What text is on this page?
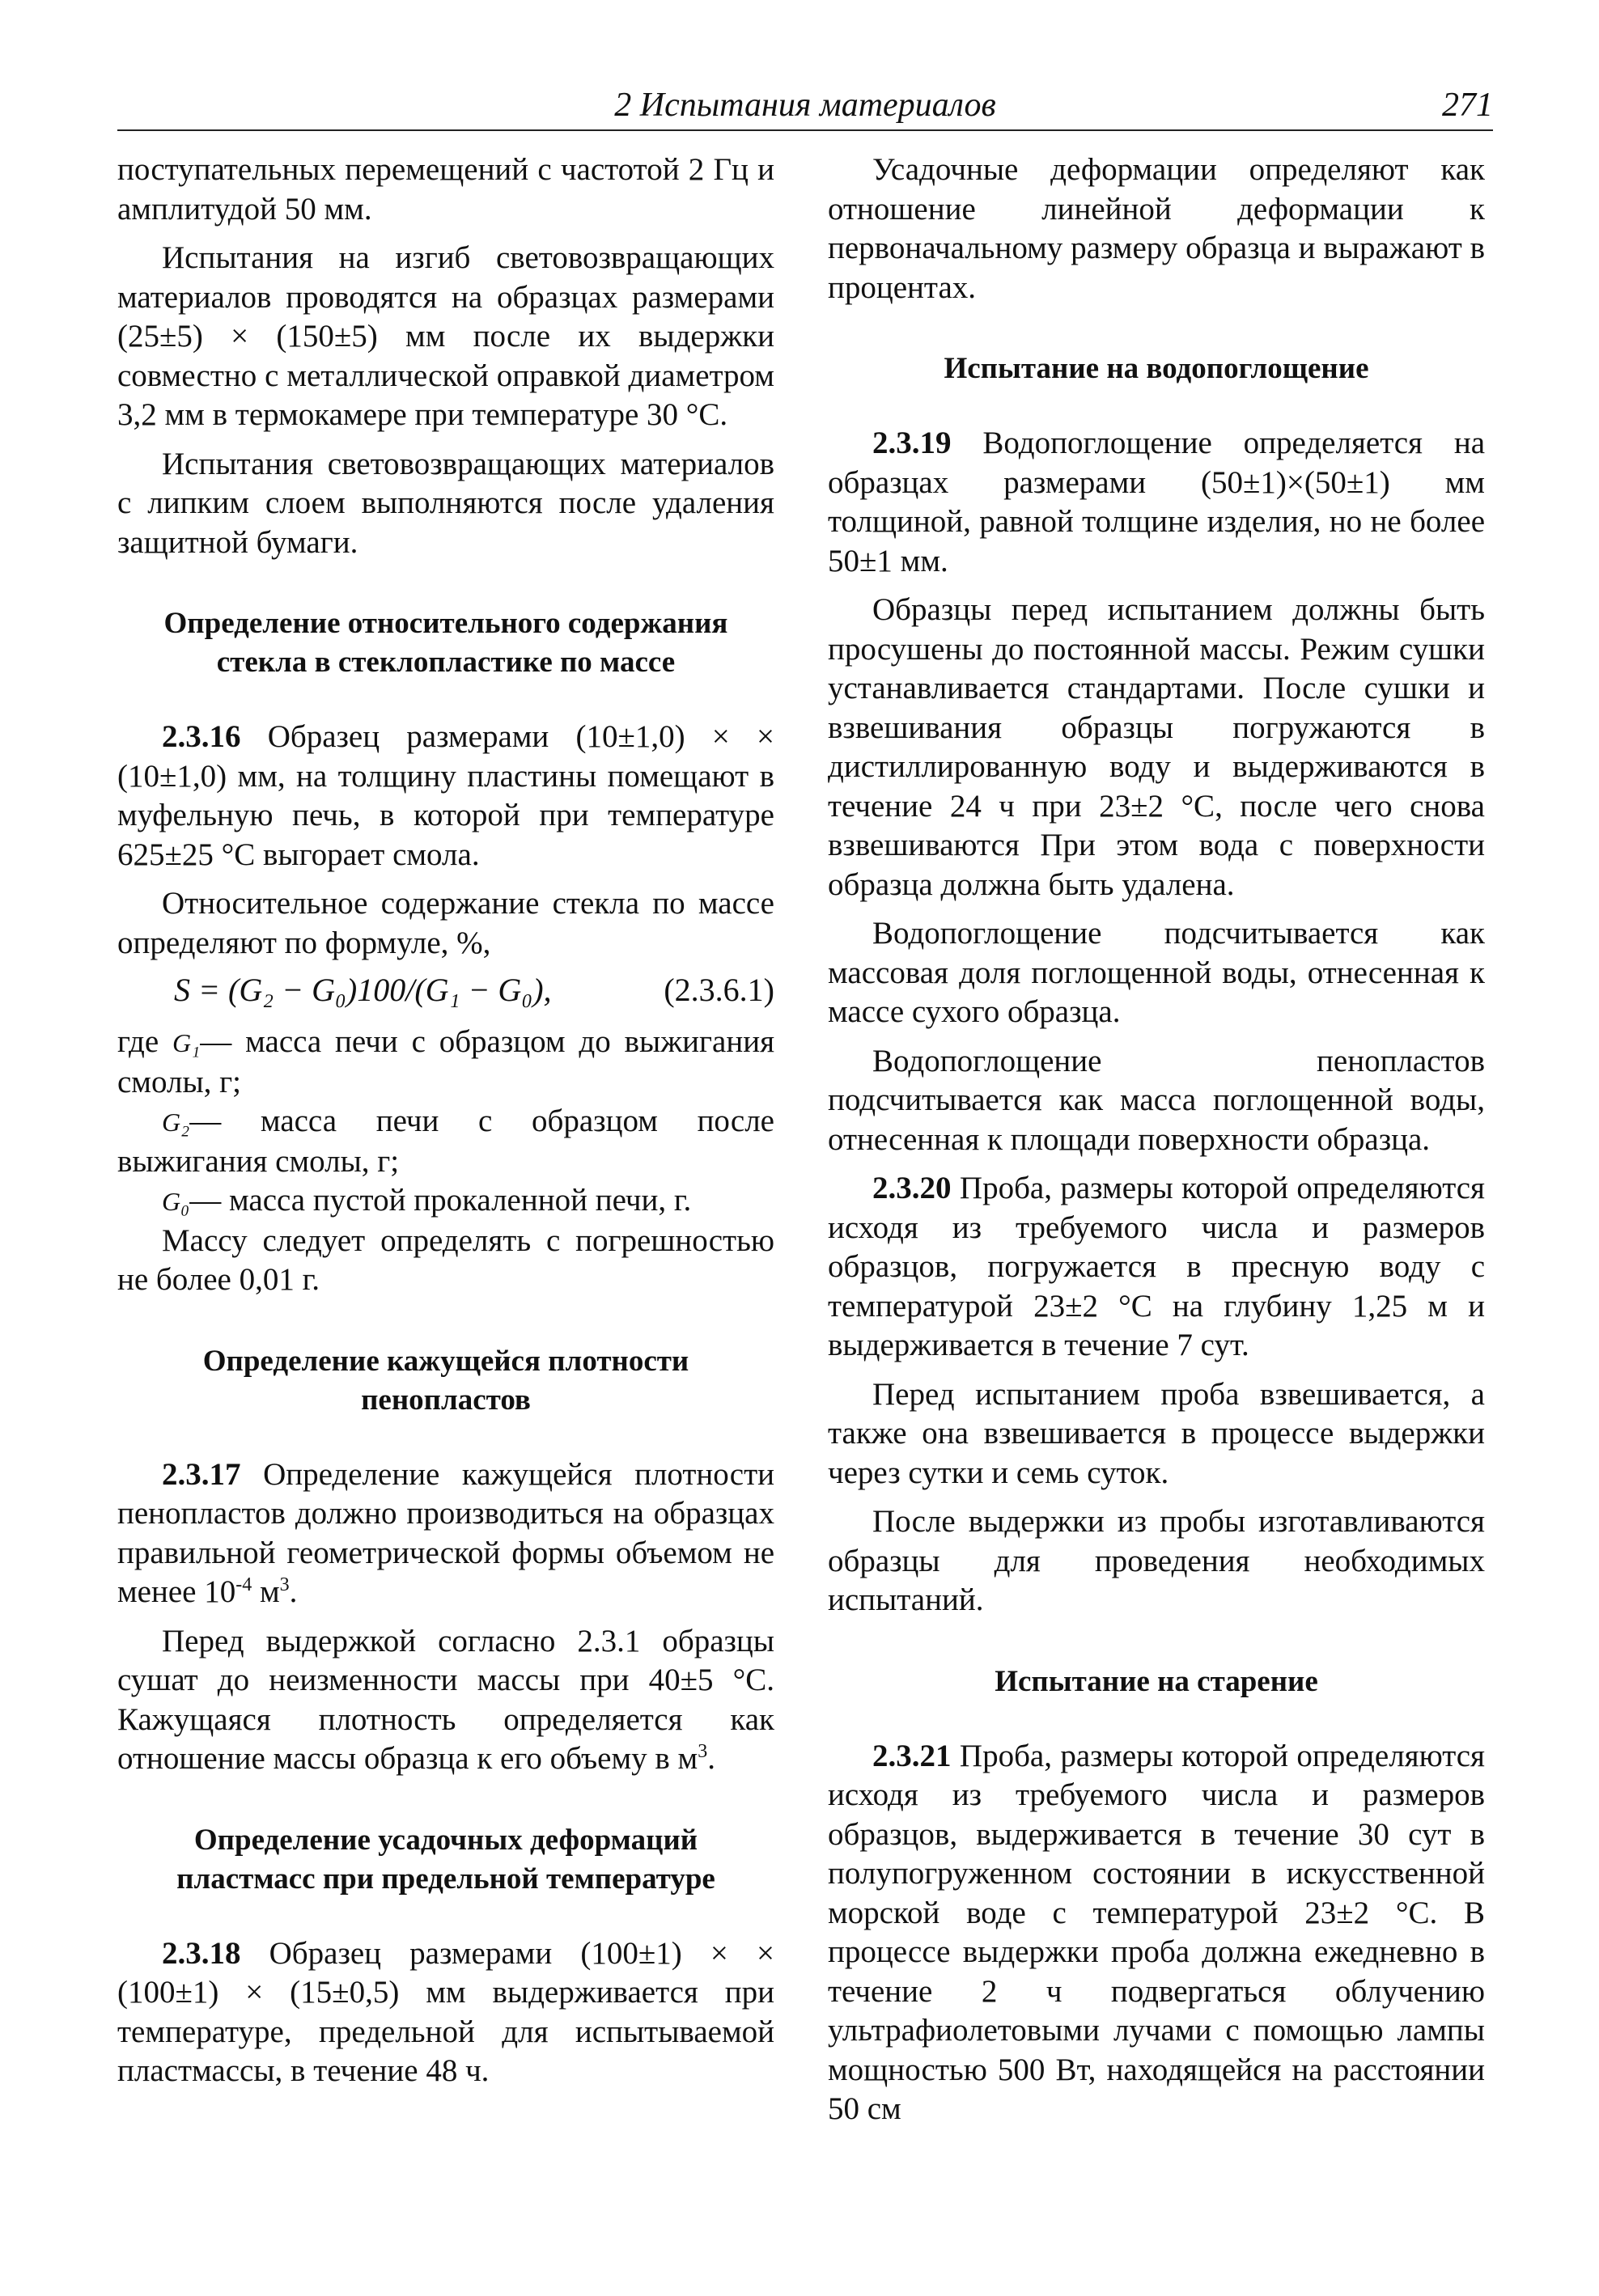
2 Испытания материалов	271

поступательных перемещений с частотой 2 Гц и амплитудой 50 мм.

Испытания на изгиб световозвращающих материалов проводятся на образцах размерами (25±5) × (150±5) мм после их выдержки совместно с металлической оправкой диаметром 3,2 мм в термокамере при температуре 30 °С.

Испытания световозвращающих материалов с липким слоем выполняются после удаления защитной бумаги.

Определение относительного содержания
стекла в стеклопластике по массе

2.3.16 Образец размерами (10±1,0) × × (10±1,0) мм, на толщину пластины помещают в муфельную печь, в которой при температуре 625±25 °С выгорает смола.

Относительное содержание стекла по массе определяют по формуле, %,

S = (G₂ − G₀)100/(G₁ − G₀),	(2.3.6.1)

где G₁— масса печи с образцом до выжигания смолы, г;

G₂— масса печи с образцом после выжигания смолы, г;

G₀— масса пустой прокаленной печи, г.

Массу следует определять с погрешностью не более 0,01 г.

Определение кажущейся плотности
пенопластов

2.3.17 Определение кажущейся плотности пенопластов должно производиться на образцах правильной геометрической формы объемом не менее $10^{-4}$ $м^3$.

Перед выдержкой согласно 2.3.1 образцы сушат до неизменности массы при 40±5 °С. Кажущаяся плотность определяется как отношение массы образца к его объему в $м^3$.

Определение усадочных деформаций
пластмасс при предельной температуре

2.3.18 Образец размерами (100±1) × × (100±1) × (15±0,5) мм выдерживается при температуре, предельной для испытываемой пластмассы, в течение 48 ч.

Усадочные деформации определяют как отношение линейной деформации к первоначальному размеру образца и выражают в процентах.

Испытание на водопоглощение

2.3.19 Водопоглощение определяется на образцах размерами (50±1)×(50±1) мм толщиной, равной толщине изделия, но не более 50±1 мм.

Образцы перед испытанием должны быть просушены до постоянной массы. Режим сушки устанавливается стандартами. После сушки и взвешивания образцы погружаются в дистиллированную воду и выдерживаются в течение 24 ч при 23±2 °С, после чего снова взвешиваются При этом вода с поверхности образца должна быть удалена.

Водопоглощение подсчитывается как массовая доля поглощенной воды, отнесенная к массе сухого образца.

Водопоглощение пенопластов подсчитывается как масса поглощенной воды, отнесенная к площади поверхности образца.

2.3.20 Проба, размеры которой определяются исходя из требуемого числа и размеров образцов, погружается в пресную воду с температурой 23±2 °С на глубину 1,25 м и выдерживается в течение 7 сут.

Перед испытанием проба взвешивается, а также она взвешивается в процессе выдержки через сутки и семь суток.

После выдержки из пробы изготавливаются образцы для проведения необходимых испытаний.

Испытание на старение

2.3.21 Проба, размеры которой определяются исходя из требуемого числа и размеров образцов, выдерживается в течение 30 сут в полупогруженном состоянии в искусственной морской воде с температурой 23±2 °С. В процессе выдержки проба должна ежедневно в течение 2 ч подвергаться облучению ультрафиолетовыми лучами с помощью лампы мощностью 500 Вт, находящейся на расстоянии 50 см
